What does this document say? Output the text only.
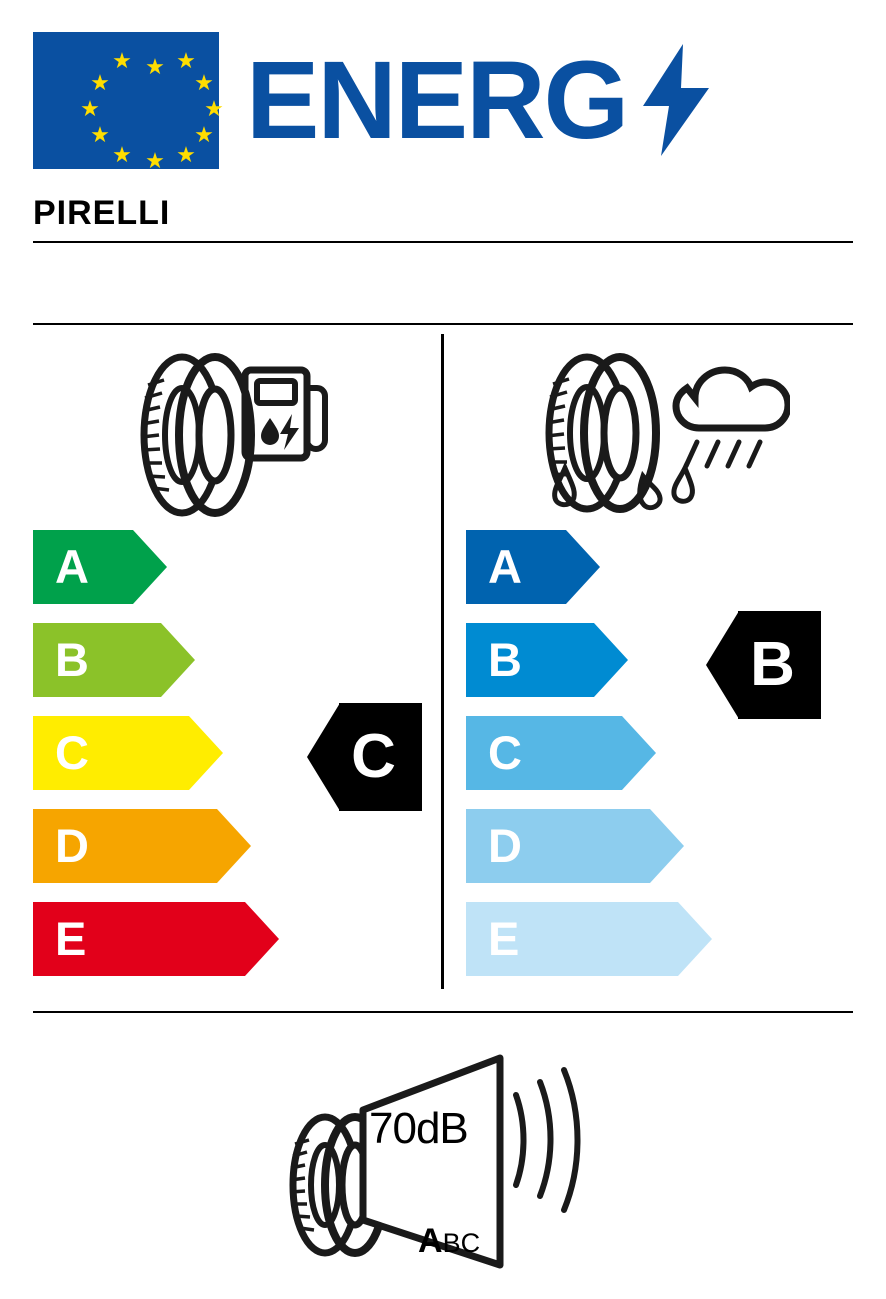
★ ★ ★
★	★
★	★
★	★
★ ★ ★ ENERG
PIRELLI
A
B
C
D
E
C
A
B
C
D
E
B
70dB
ABC
